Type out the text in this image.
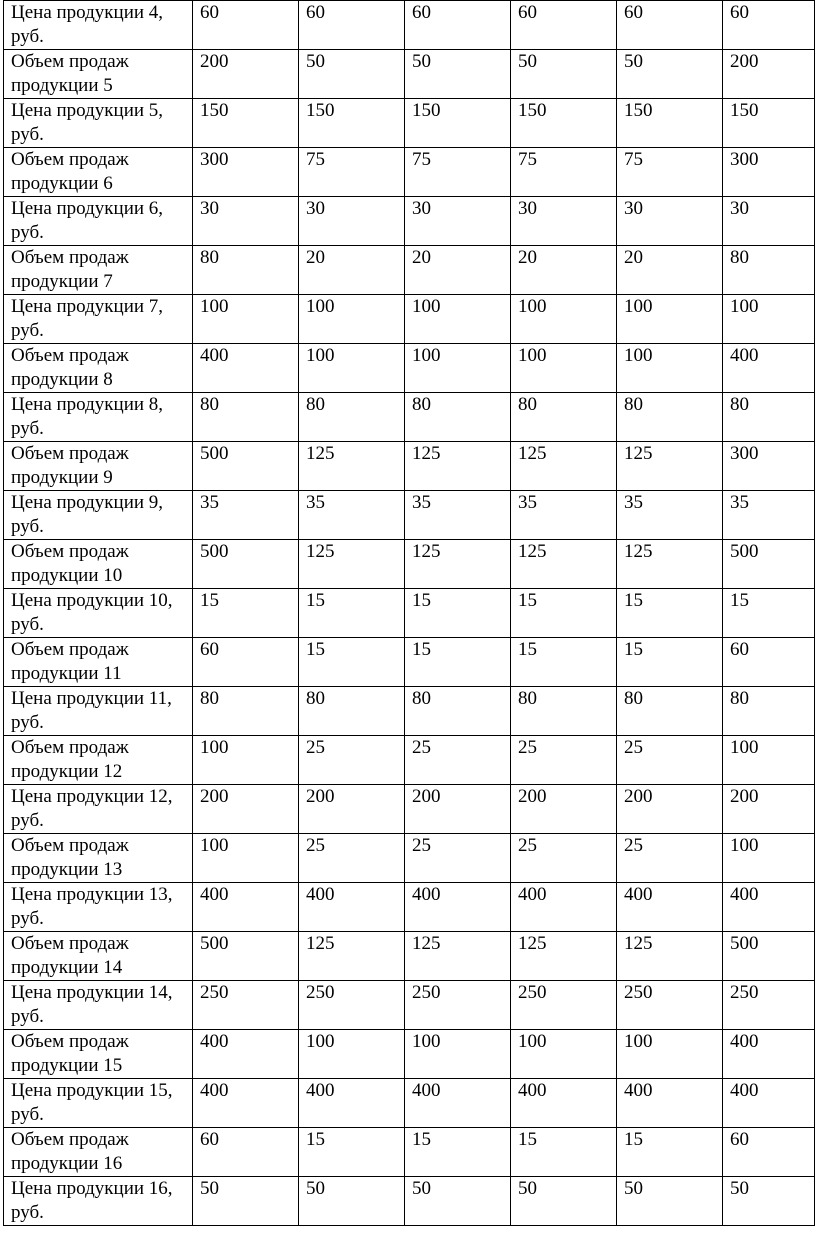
Цена продукции 4, руб.	60	60	60	60	60	60
Объем продаж продукции 5	200	50	50	50	50	200
Цена продукции 5, руб.	150	150	150	150	150	150
Объем продаж продукции 6	300	75	75	75	75	300
Цена продукции 6, руб.	30	30	30	30	30	30
Объем продаж продукции 7	80	20	20	20	20	80
Цена продукции 7, руб.	100	100	100	100	100	100
Объем продаж продукции 8	400	100	100	100	100	400
Цена продукции 8, руб.	80	80	80	80	80	80
Объем продаж продукции 9	500	125	125	125	125	300
Цена продукции 9, руб.	35	35	35	35	35	35
Объем продаж продукции 10	500	125	125	125	125	500
Цена продукции 10, руб.	15	15	15	15	15	15
Объем продаж продукции 11	60	15	15	15	15	60
Цена продукции 11, руб.	80	80	80	80	80	80
Объем продаж продукции 12	100	25	25	25	25	100
Цена продукции 12, руб.	200	200	200	200	200	200
Объем продаж продукции 13	100	25	25	25	25	100
Цена продукции 13, руб.	400	400	400	400	400	400
Объем продаж продукции 14	500	125	125	125	125	500
Цена продукции 14, руб.	250	250	250	250	250	250
Объем продаж продукции 15	400	100	100	100	100	400
Цена продукции 15, руб.	400	400	400	400	400	400
Объем продаж продукции 16	60	15	15	15	15	60
Цена продукции 16, руб.	50	50	50	50	50	50
